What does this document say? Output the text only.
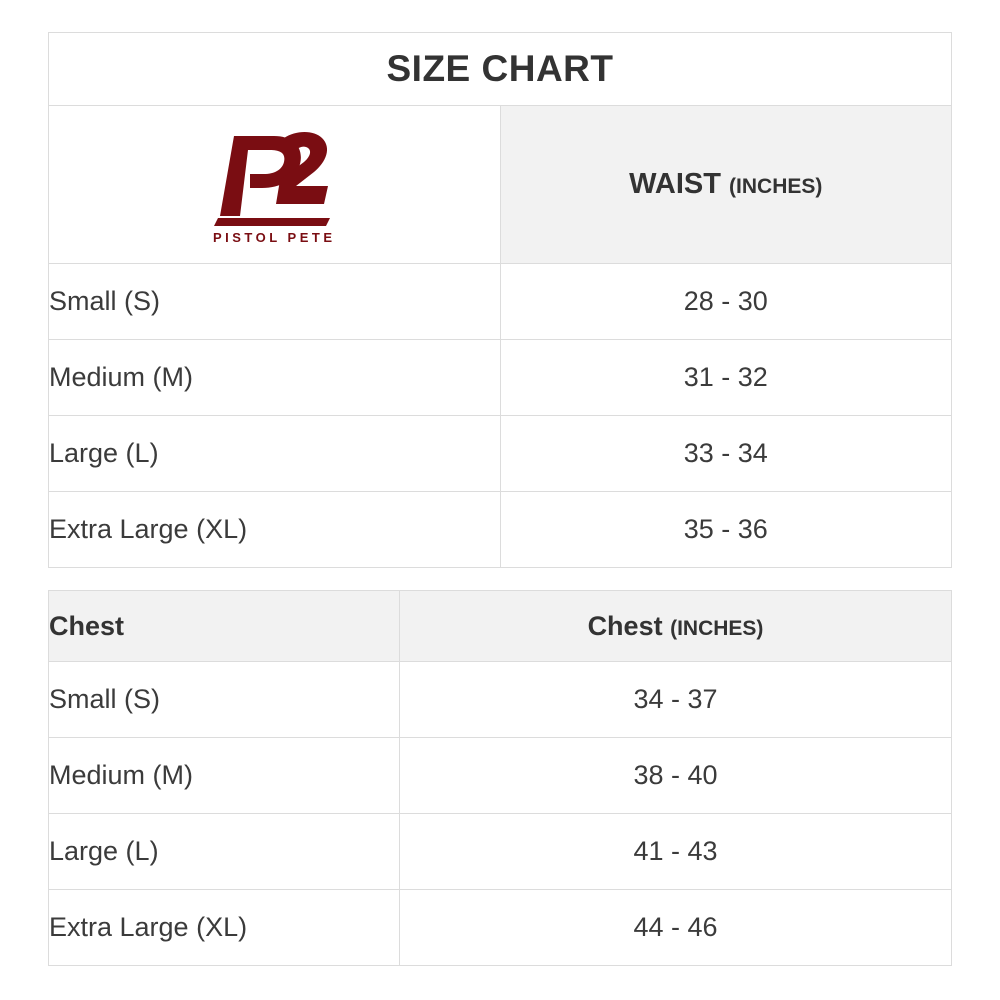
SIZE CHART	

PISTOL PETE	WAIST (INCHES)
Small (S)	28 - 30
Medium (M)	31 - 32
Large (L)	33 - 34
Extra Large (XL)	35 - 36
Chest	Chest (INCHES)
Small (S)	34 - 37
Medium (M)	38 - 40
Large (L)	41 - 43
Extra Large (XL)	44 - 46
